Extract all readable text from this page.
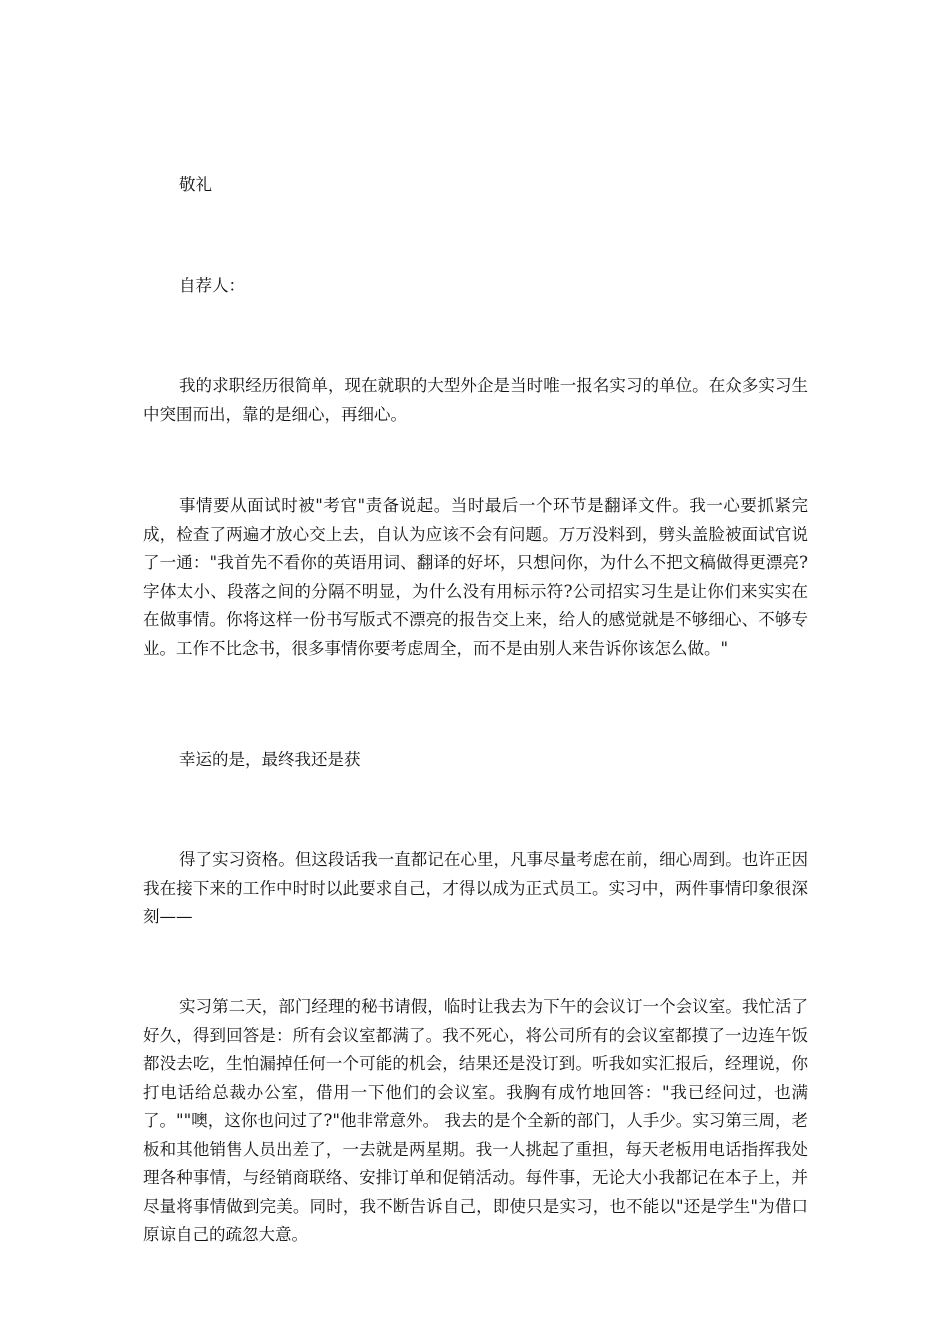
敬礼

自荐人：

我的求职经历很简单，现在就职的大型外企是当时唯一报名实习的单位。在众多实习生中突围而出，靠的是细心，再细心。

事情要从面试时被"考官"责备说起。当时最后一个环节是翻译文件。我一心要抓紧完成，检查了两遍才放心交上去，自认为应该不会有问题。万万没料到，劈头盖脸被面试官说了一通："我首先不看你的英语用词、翻译的好坏，只想问你，为什么不把文稿做得更漂亮?字体太小、段落之间的分隔不明显，为什么没有用标示符?公司招实习生是让你们来实实在在做事情。你将这样一份书写版式不漂亮的报告交上来，给人的感觉就是不够细心、不够专业。工作不比念书，很多事情你要考虑周全，而不是由别人来告诉你该怎么做。"

幸运的是，最终我还是获

得了实习资格。但这段话我一直都记在心里，凡事尽量考虑在前，细心周到。也许正因我在接下来的工作中时时以此要求自己，才得以成为正式员工。实习中，两件事情印象很深刻——

实习第二天，部门经理的秘书请假，临时让我去为下午的会议订一个会议室。我忙活了好久，得到回答是：所有会议室都满了。我不死心，将公司所有的会议室都摸了一边连午饭都没去吃，生怕漏掉任何一个可能的机会，结果还是没订到。听我如实汇报后，经理说，你打电话给总裁办公室，借用一下他们的会议室。我胸有成竹地回答："我已经问过，也满了。""噢，这你也问过了?"他非常意外。 我去的是个全新的部门，人手少。实习第三周，老板和其他销售人员出差了，一去就是两星期。我一人挑起了重担，每天老板用电话指挥我处理各种事情，与经销商联络、安排订单和促销活动。每件事，无论大小我都记在本子上，并尽量将事情做到完美。同时，我不断告诉自己，即使只是实习，也不能以"还是学生"为借口原谅自己的疏忽大意。
